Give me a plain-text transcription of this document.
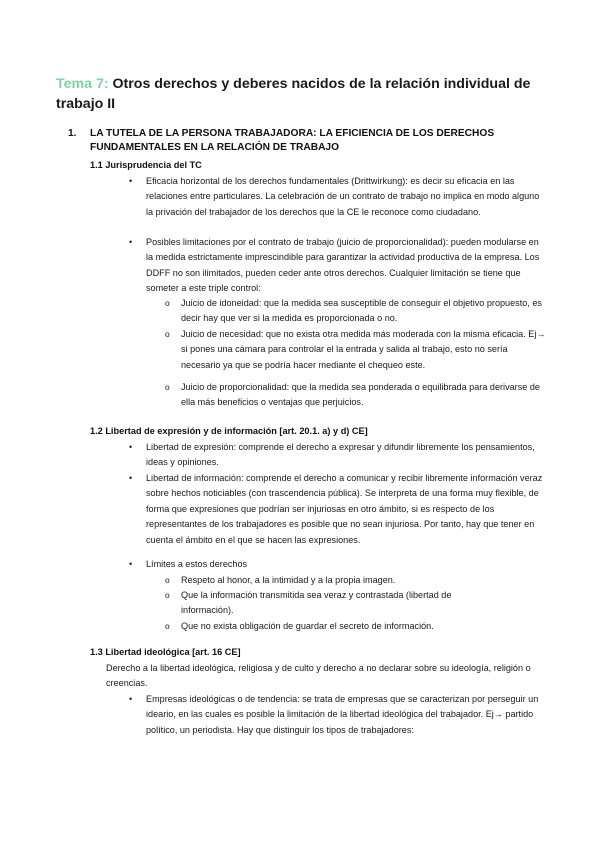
Tema 7: Otros derechos y deberes nacidos de la relación individual de trabajo II
1. LA TUTELA DE LA PERSONA TRABAJADORA: LA EFICIENCIA DE LOS DERECHOS FUNDAMENTALES EN LA RELACIÓN DE TRABAJO
1.1 Jurisprudencia del TC
• Eficacia horizontal de los derechos fundamentales (Drittwirkung): es decir su eficacia en las relaciones entre particulares. La celebración de un contrato de trabajo no implica en modo alguno la privación del trabajador de los derechos que la CE le reconoce como ciudadano.
• Posibles limitaciones por el contrato de trabajo (juicio de proporcionalidad): pueden modularse en la medida estrictamente imprescindible para garantizar la actividad productiva de la empresa. Los DDFF no son ilimitados, pueden ceder ante otros derechos. Cualquier limitación se tiene que someter a este triple control:
o Juicio de idoneidad: que la medida sea susceptible de conseguir el objetivo propuesto, es decir hay que ver si la medida es proporcionada o no.
o Juicio de necesidad: que no exista otra medida más moderada con la misma eficacia. Ej→ si pones una cámara para controlar el la entrada y salida al trabajo, esto no sería necesario ya que se podría hacer mediante el chequeo este.
o Juicio de proporcionalidad: que la medida sea ponderada o equilibrada para derivarse de ella más beneficios o ventajas que perjuicios.
1.2 Libertad de expresión y de información [art. 20.1. a) y d) CE]
• Libertad de expresión: comprende el derecho a expresar y difundir libremente los pensamientos, ideas y opiniones.
• Libertad de información: comprende el derecho a comunicar y recibir libremente información veraz sobre hechos noticiables (con trascendencia pública). Se interpreta de una forma muy flexible, de forma que expresiones que podrían ser injuriosas en otro ámbito, si es respecto de los representantes de los trabajadores es posible que no sean injuriosa. Por tanto, hay que tener en cuenta el ámbito en el que se hacen las expresiones.
• Límites a estos derechos
o Respeto al honor, a la intimidad y a la propia imagen.
o Que la información transmitida sea veraz y contrastada (libertad de información).
o Que no exista obligación de guardar el secreto de información.
1.3 Libertad ideológica [art. 16 CE]
Derecho a la libertad ideológica, religiosa y de culto y derecho a no declarar sobre su ideología, religión o creencias.
• Empresas ideológicas o de tendencia: se trata de empresas que se caracterizan por perseguir un ideario, en las cuales es posible la limitación de la libertad ideológica del trabajador. Ej→ partido político, un periodista. Hay que distinguir los tipos de trabajadores:
